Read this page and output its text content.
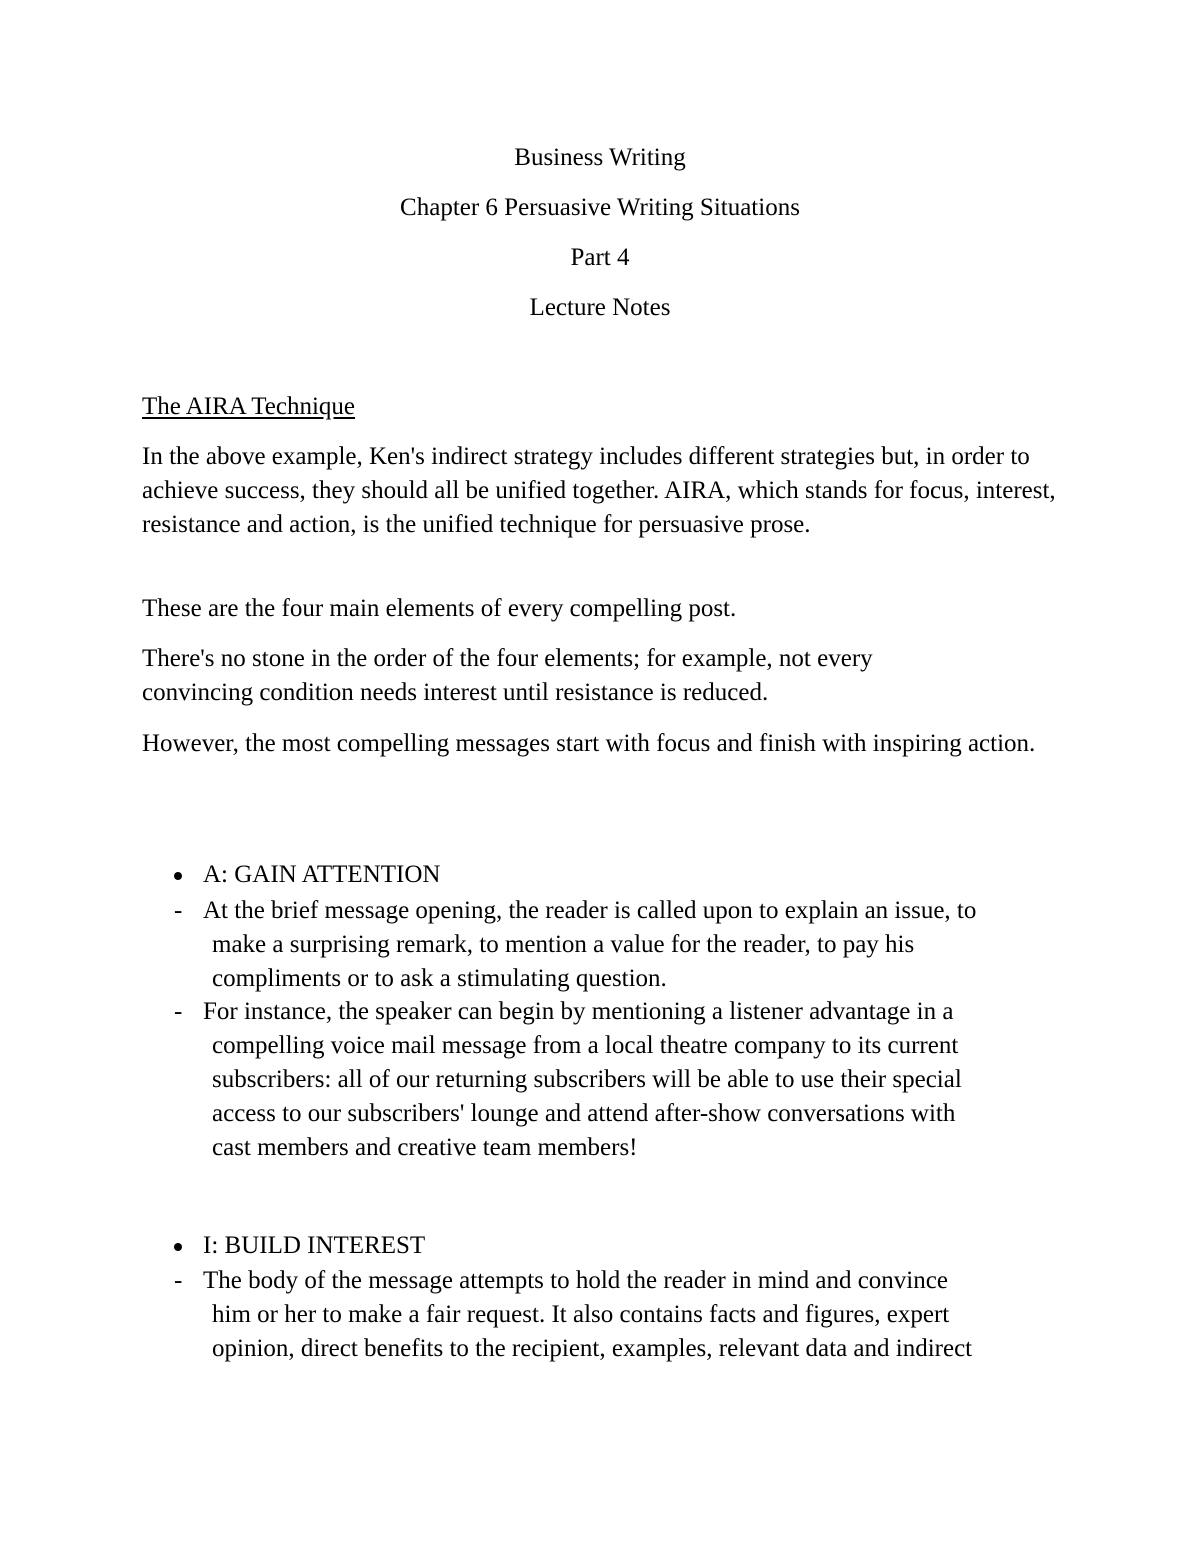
Business Writing
Chapter 6 Persuasive Writing Situations
Part 4
Lecture Notes
The AIRA Technique
In the above example, Ken's indirect strategy includes different strategies but, in order to achieve success, they should all be unified together. AIRA, which stands for focus, interest, resistance and action, is the unified technique for persuasive prose.
These are the four main elements of every compelling post.
There's no stone in the order of the four elements; for example, not every convincing condition needs interest until resistance is reduced.
However, the most compelling messages start with focus and finish with inspiring action.
A: GAIN ATTENTION
- At the brief message opening, the reader is called upon to explain an issue, to
make a surprising remark, to mention a value for the reader, to pay his
compliments or to ask a stimulating question.
- For instance, the speaker can begin by mentioning a listener advantage in a
compelling voice mail message from a local theatre company to its current
subscribers: all of our returning subscribers will be able to use their special
access to our subscribers' lounge and attend after-show conversations with
cast members and creative team members!
I: BUILD INTEREST
- The body of the message attempts to hold the reader in mind and convince
him or her to make a fair request. It also contains facts and figures, expert
opinion, direct benefits to the recipient, examples, relevant data and indirect
